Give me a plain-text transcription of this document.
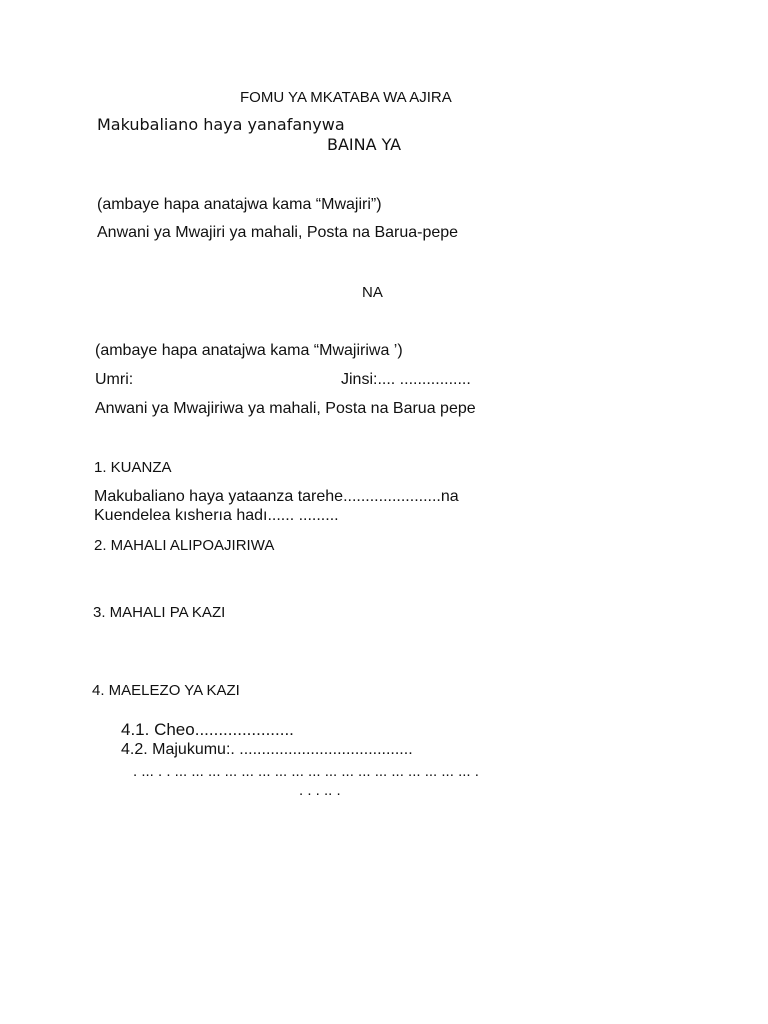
FOMU YA MKATABA WA AJIRA
Makubaliano haya yanafanywa
BAINA YA
(ambaye hapa anatajwa kama “Mwajiri”)
Anwani ya Mwajiri ya mahali, Posta na Barua-pepe
NA
(ambaye hapa anatajwa kama “Mwajiriwa ’)
Umri:	Jinsi:.... ................
Anwani ya Mwajiriwa ya mahali, Posta na Barua pepe
1. KUANZA
Makubaliano haya yataanza tarehe......................na
Kuendelea kısherıa hadı...... .........
2. MAHALI ALIPOAJIRIWA
3. MAHALI PA KAZI
4. MAELEZO YA KAZI
4.1. Cheo.....................
4.2. Majukumu:. .......................................
. ... . . ... ... ... ... ... ... ... ... ... ... ... ... ... ... ... ... ... ... .
. . . .. .
